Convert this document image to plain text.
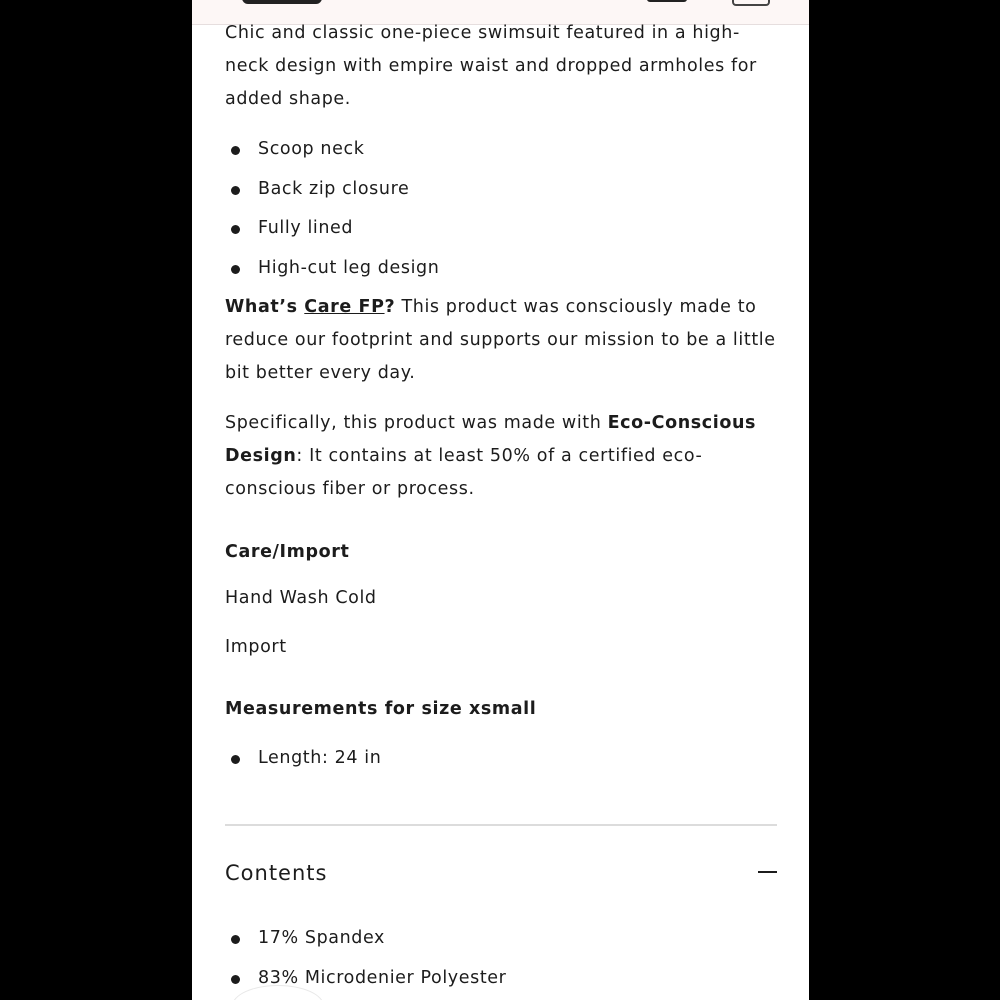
Chic and classic one-piece swimsuit featured in a high-neck design with empire waist and dropped armholes for added shape.

Scoop neck
Back zip closure
Fully lined
High-cut leg design

What’s Care FP? This product was consciously made to reduce our footprint and supports our mission to be a little bit better every day.

Specifically, this product was made with Eco-Conscious Design: It contains at least 50% of a certified eco-conscious fiber or process.

Care/Import

Hand Wash Cold

Import

Measurements for size xsmall

Length: 24 in
Contents
17% Spandex
83% Microdenier Polyester
